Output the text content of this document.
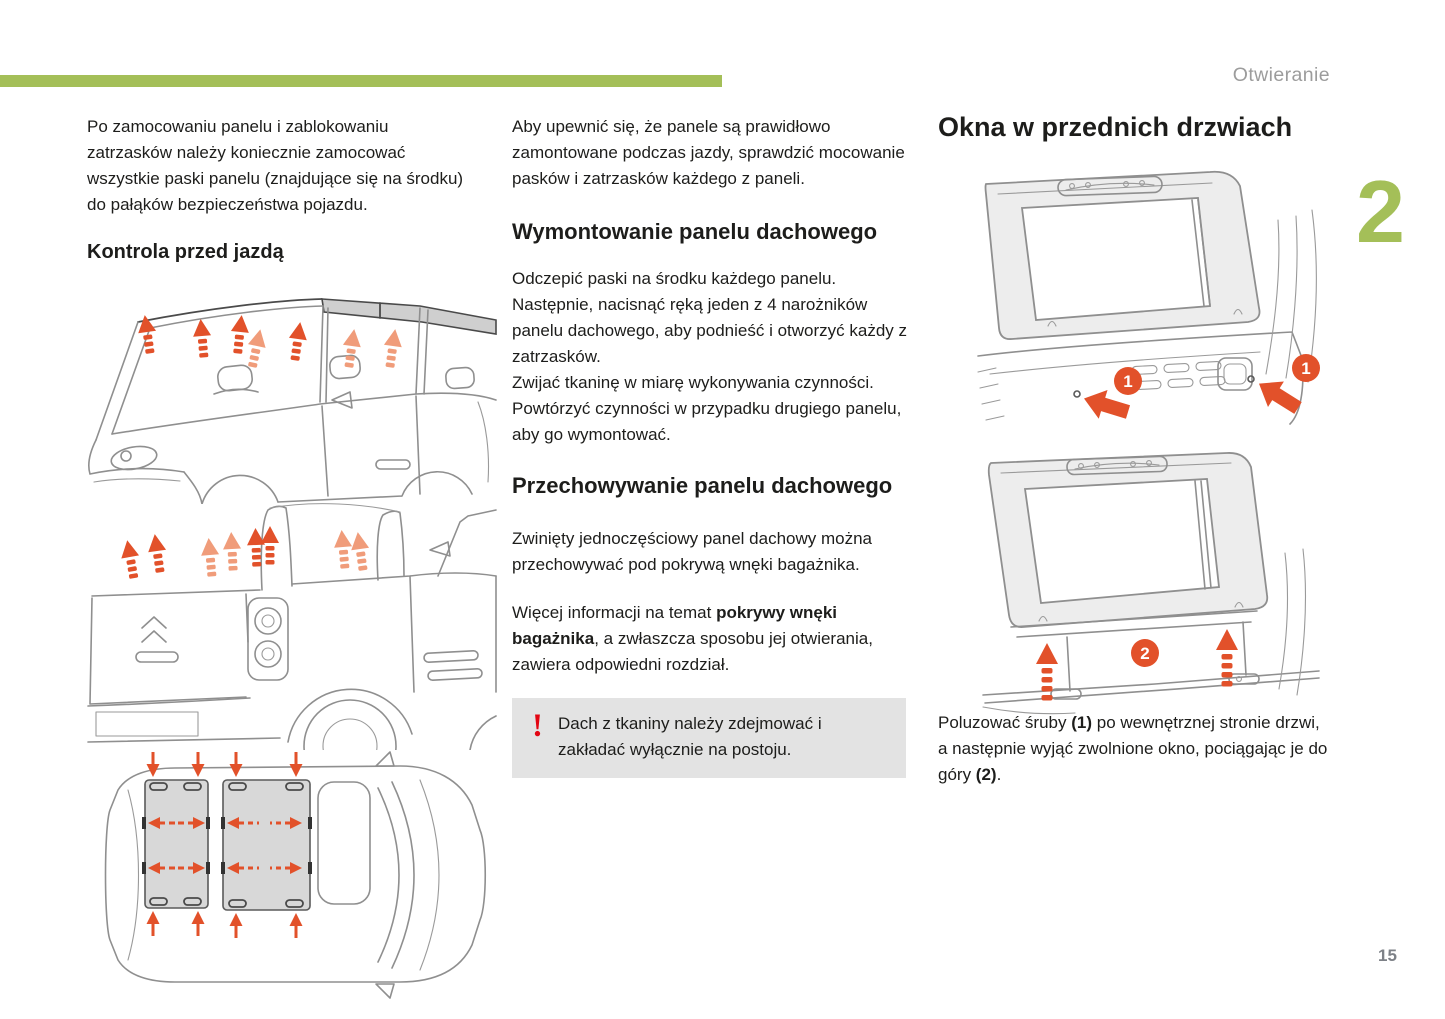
Otwieranie
2
15

Po zamocowaniu panelu i zablokowaniu zatrzasków należy koniecznie zamocować wszystkie paski panelu (znajdujące się na środku) do pałąków bezpieczeństwa pojazdu.

Kontrola przed jazdą

Aby upewnić się, że panele są prawidłowo zamontowane podczas jazdy, sprawdzić mocowanie pasków i zatrzasków każdego z paneli.

Wymontowanie panelu dachowego

Odczepić paski na środku każdego panelu.

Następnie, nacisnąć ręką jeden z 4 narożników panelu dachowego, aby podnieść i otworzyć każdy z zatrzasków.

Zwijać tkaninę w miarę wykonywania czynności.

Powtórzyć czynności w przypadku drugiego panelu, aby go wymontować.

Przechowywanie panelu dachowego

Zwinięty jednoczęściowy panel dachowy można przechowywać pod pokrywą wnęki bagażnika.

Więcej informacji na temat pokrywy wnęki bagażnika, a zwłaszcza sposobu jej otwierania, zawiera odpowiedni rozdział.

! Dach z tkaniny należy zdejmować i zakładać wyłącznie na postoju.

Okna w przednich drzwiach
1
1
2

Poluzować śruby (1) po wewnętrznej stronie drzwi, a następnie wyjąć zwolnione okno, pociągając je do góry (2).
